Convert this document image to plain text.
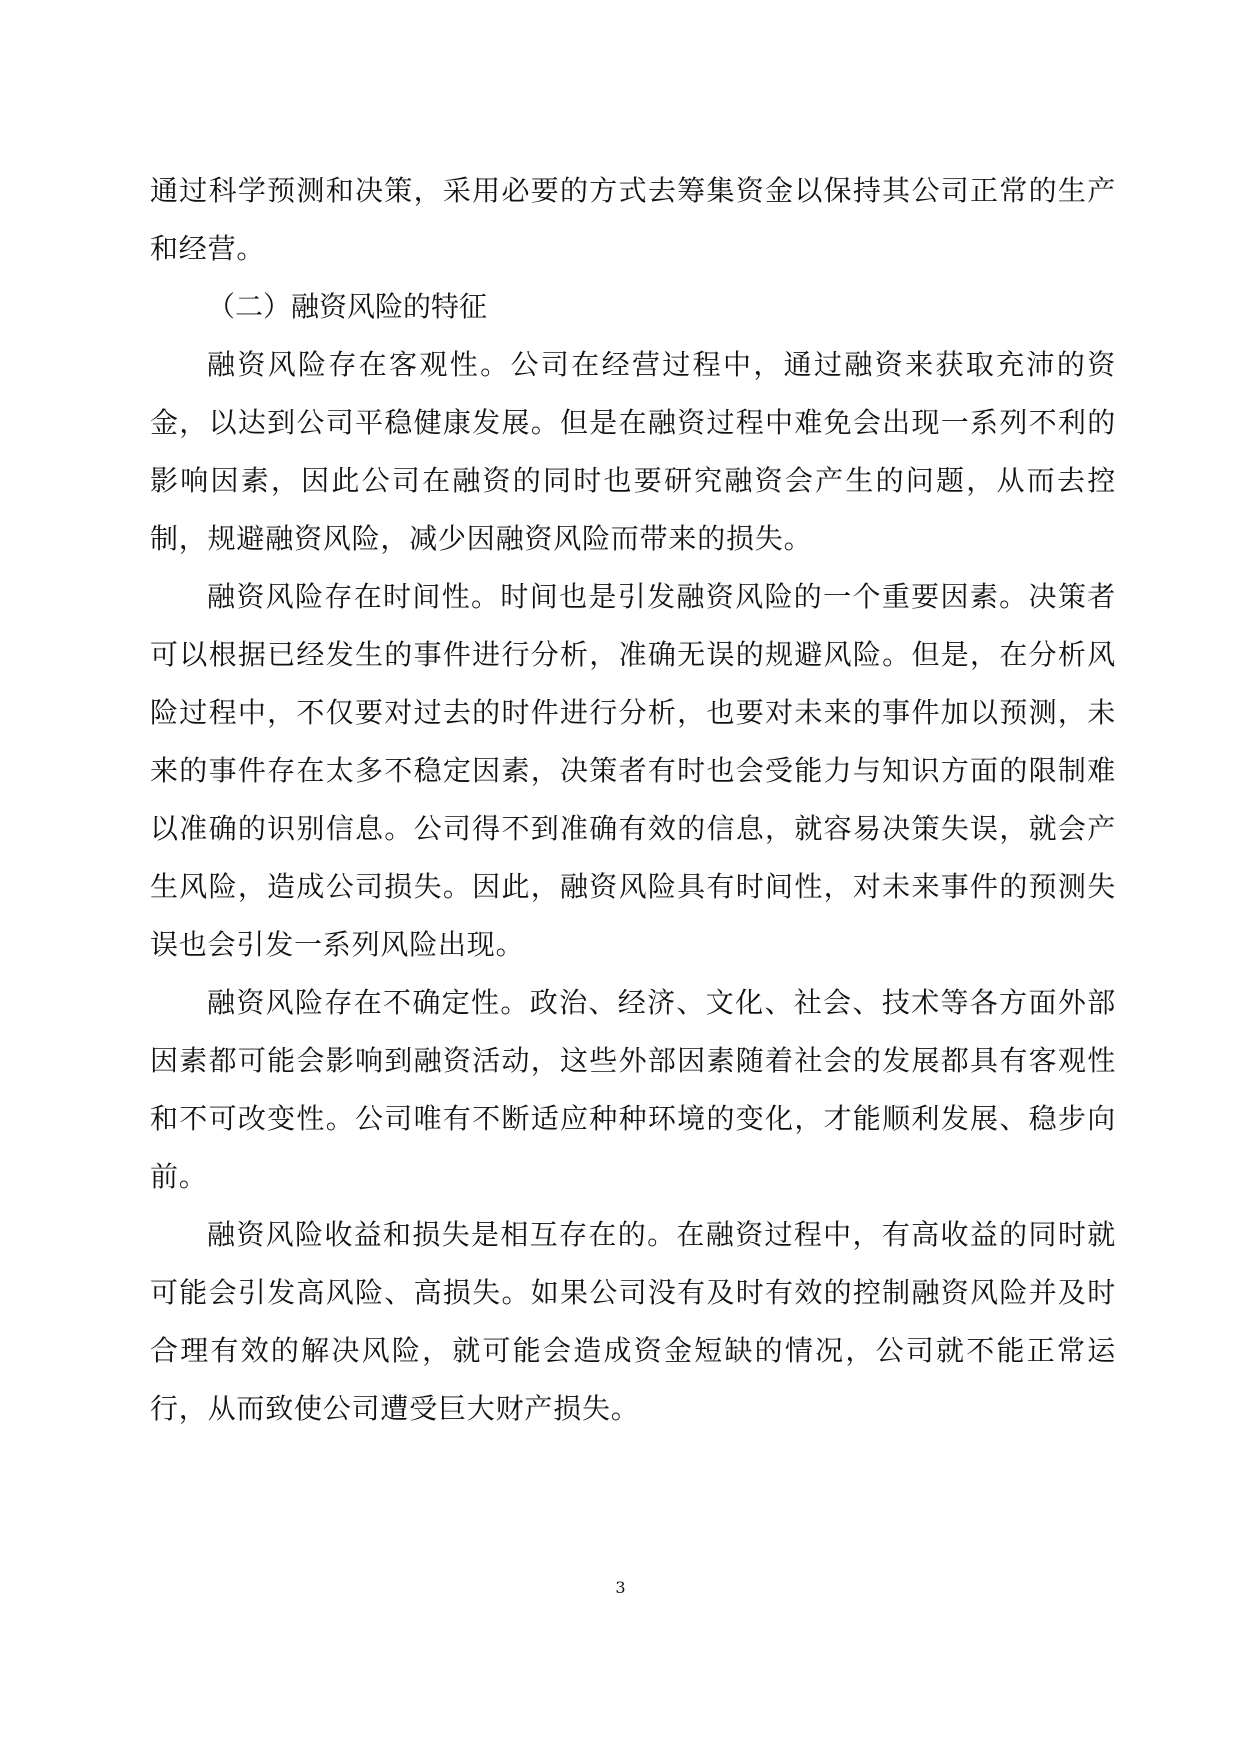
通过科学预测和决策，采用必要的方式去筹集资金以保持其公司正常的生产和经营。

（二）融资风险的特征

融资风险存在客观性。公司在经营过程中，通过融资来获取充沛的资金，以达到公司平稳健康发展。但是在融资过程中难免会出现一系列不利的影响因素，因此公司在融资的同时也要研究融资会产生的问题，从而去控制，规避融资风险，减少因融资风险而带来的损失。

融资风险存在时间性。时间也是引发融资风险的一个重要因素。决策者可以根据已经发生的事件进行分析，准确无误的规避风险。但是，在分析风险过程中，不仅要对过去的时件进行分析，也要对未来的事件加以预测，未来的事件存在太多不稳定因素，决策者有时也会受能力与知识方面的限制难以准确的识别信息。公司得不到准确有效的信息，就容易决策失误，就会产生风险，造成公司损失。因此，融资风险具有时间性，对未来事件的预测失误也会引发一系列风险出现。

融资风险存在不确定性。政治、经济、文化、社会、技术等各方面外部因素都可能会影响到融资活动，这些外部因素随着社会的发展都具有客观性和不可改变性。公司唯有不断适应种种环境的变化，才能顺利发展、稳步向前。

融资风险收益和损失是相互存在的。在融资过程中，有高收益的同时就可能会引发高风险、高损失。如果公司没有及时有效的控制融资风险并及时合理有效的解决风险，就可能会造成资金短缺的情况，公司就不能正常运行，从而致使公司遭受巨大财产损失。

3
